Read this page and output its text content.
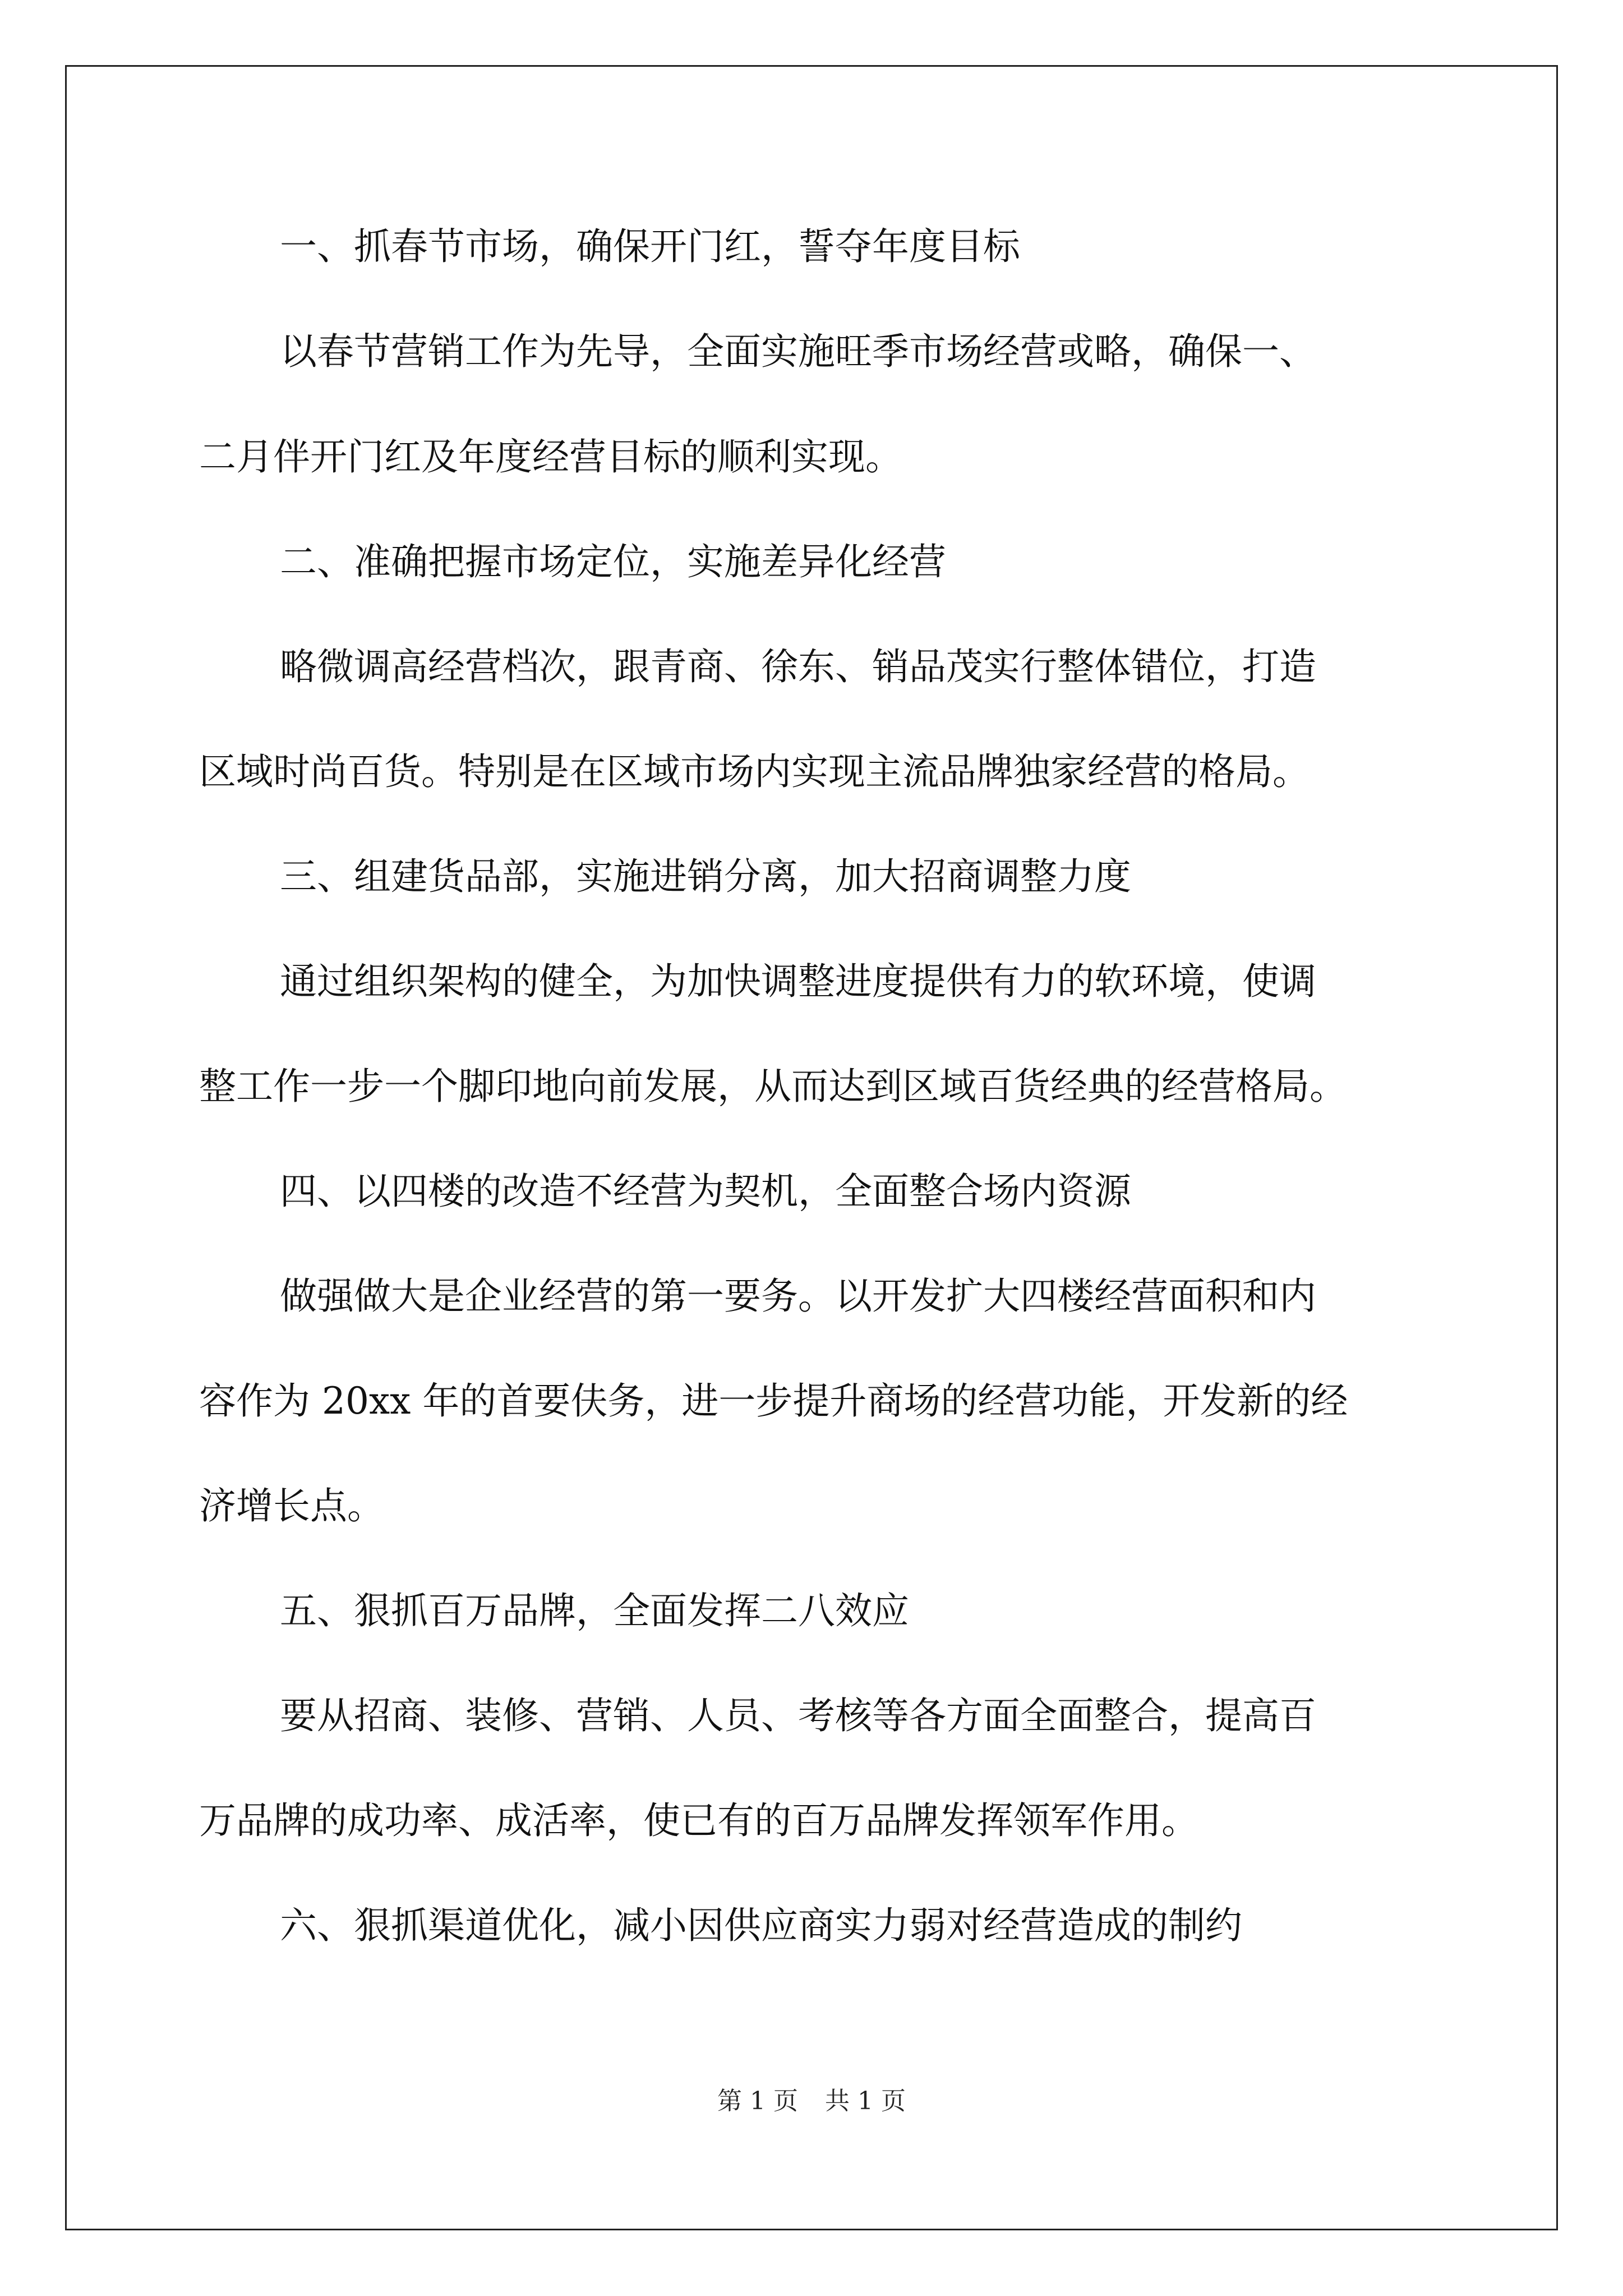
一、抓春节市场，确保开门红，誓夺年度目标
以春节营销工作为先导，全面实施旺季市场经营或略，确保一、
二月伴开门红及年度经营目标的顺利实现。
二、准确把握市场定位，实施差异化经营
略微调高经营档次，跟青商、徐东、销品茂实行整体错位，打造
区域时尚百货。特别是在区域市场内实现主流品牌独家经营的格局。
三、组建货品部，实施进销分离，加大招商调整力度
通过组织架构的健全，为加快调整进度提供有力的软环境，使调
整工作一步一个脚印地向前发展，从而达到区域百货经典的经营格局。
四、以四楼的改造不经营为契机，全面整合场内资源
做强做大是企业经营的第一要务。以开发扩大四楼经营面积和内
容作为 20xx 年的首要伕务，进一步提升商场的经营功能，开发新的经
济增长点。
五、狠抓百万品牌，全面发挥二八效应
要从招商、装修、营销、人员、考核等各方面全面整合，提高百
万品牌的成功率、成活率，使已有的百万品牌发挥领军作用。
六、狠抓渠道优化，减小因供应商实力弱对经营造成的制约
第 1 页 共 1 页
